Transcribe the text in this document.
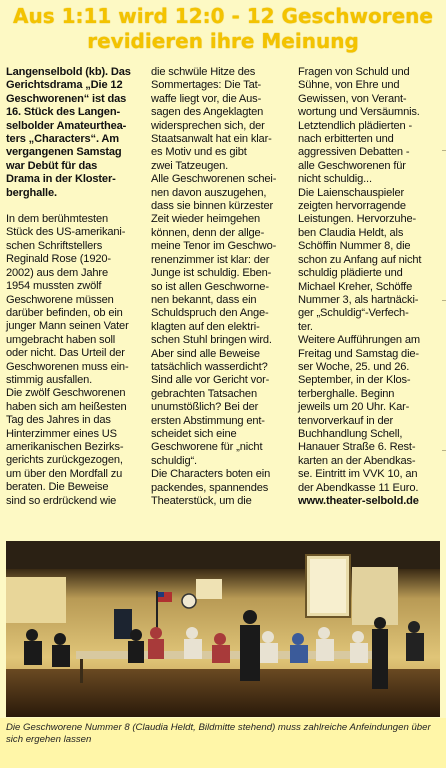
Aus 1:11 wird 12:0 - 12 Geschworene
revidieren ihre Meinung

Langenselbold (kb). Das
Gerichtsdrama „Die 12
Geschworenen“ ist das
16. Stück des Langen-
selbolder Amateurthea-
ters „Characters“. Am
vergangenen Samstag
war Debüt für das
Drama in der Kloster-
berghalle.

In dem berühmtesten
Stück des US-amerikani-
schen Schriftstellers
Reginald Rose (1920-
2002) aus dem Jahre
1954 mussten zwölf
Geschworene müssen
darüber befinden, ob ein
junger Mann seinen Vater
umgebracht haben soll
oder nicht. Das Urteil der
Geschworenen muss ein-
stimmig ausfallen.
Die zwölf Geschworenen
haben sich am heißesten
Tag des Jahres in das
Hinterzimmer eines US
amerikanischen Bezirks-
gerichts zurückgezogen,
um über den Mordfall zu
beraten. Die Beweise
sind so erdrückend wie

die schwüle Hitze des
Sommertages: Die Tat-
waffe liegt vor, die Aus-
sagen des Angeklagten
widersprechen sich, der
Staatsanwalt hat ein klar-
es Motiv und es gibt
zwei Tatzeugen.
Alle Geschworenen schei-
nen davon auszugehen,
dass sie binnen kürzester
Zeit wieder heimgehen
können, denn der allge-
meine Tenor im Geschwo-
renenzimmer ist klar: der
Junge ist schuldig. Eben-
so ist allen Geschworne-
nen bekannt, dass ein
Schuldspruch den Ange-
klagten auf den elektri-
schen Stuhl bringen wird.
Aber sind alle Beweise
tatsächlich wasserdicht?
Sind alle vor Gericht vor-
gebrachten Tatsachen
unumstößlich? Bei der
ersten Abstimmung ent-
scheidet sich eine
Geschworene für „nicht
schuldig“.
Die Characters boten ein
packendes, spannendes
Theaterstück, um die

Fragen von Schuld und
Sühne, von Ehre und
Gewissen, von Verant-
wortung und Versäumnis.
Letztendlich plädierten -
nach erbitterten und
aggressiven Debatten -
alle Geschworenen für
nicht schuldig...
Die Laienschauspieler
zeigten hervorragende
Leistungen. Hervorzuhe-
ben Claudia Heldt, als
Schöffin Nummer 8, die
schon zu Anfang auf nicht
schuldig plädierte und
Michael Kreher, Schöffe
Nummer 3, als hartnäcki-
ger „Schuldig“-Verfech-
ter.
Weitere Aufführungen am
Freitag und Samstag die-
ser Woche, 25. und 26.
September, in der Klos-
terberghalle. Beginn
jeweils um 20 Uhr. Kar-
tenvorverkauf in der
Buchhandlung Schell,
Hanauer Straße 6. Rest-
karten an der Abendkas-
se. Eintritt im VVK 10, an
der Abendkasse 11 Euro.

www.theater-selbold.de

Die Geschworene Nummer 8 (Claudia Heldt, Bildmitte stehend) muss zahlreiche Anfeindungen über sich ergehen lassen
